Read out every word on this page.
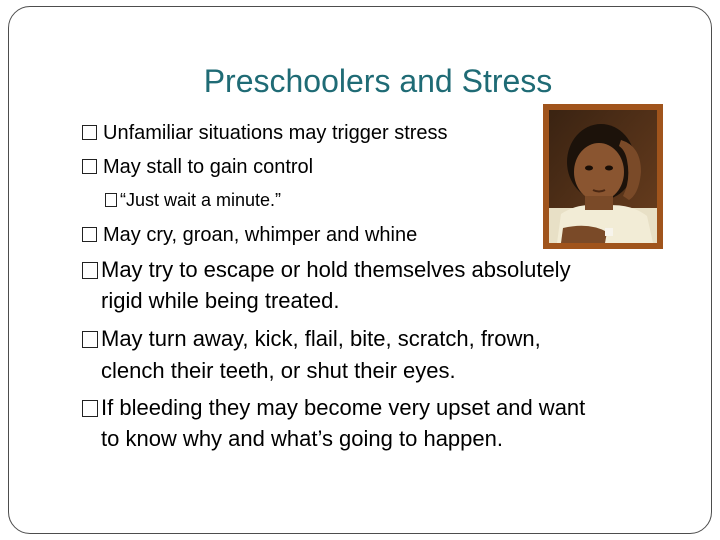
Preschoolers and Stress
Unfamiliar situations may trigger stress
May stall to gain control
“Just wait a minute.”
May cry, groan, whimper and whine
May try to escape or hold themselves absolutely
rigid while being treated.
May turn away, kick, flail, bite, scratch, frown,
clench their teeth, or shut their eyes.
If bleeding they may become very upset and want
to know why and what’s going to happen.
